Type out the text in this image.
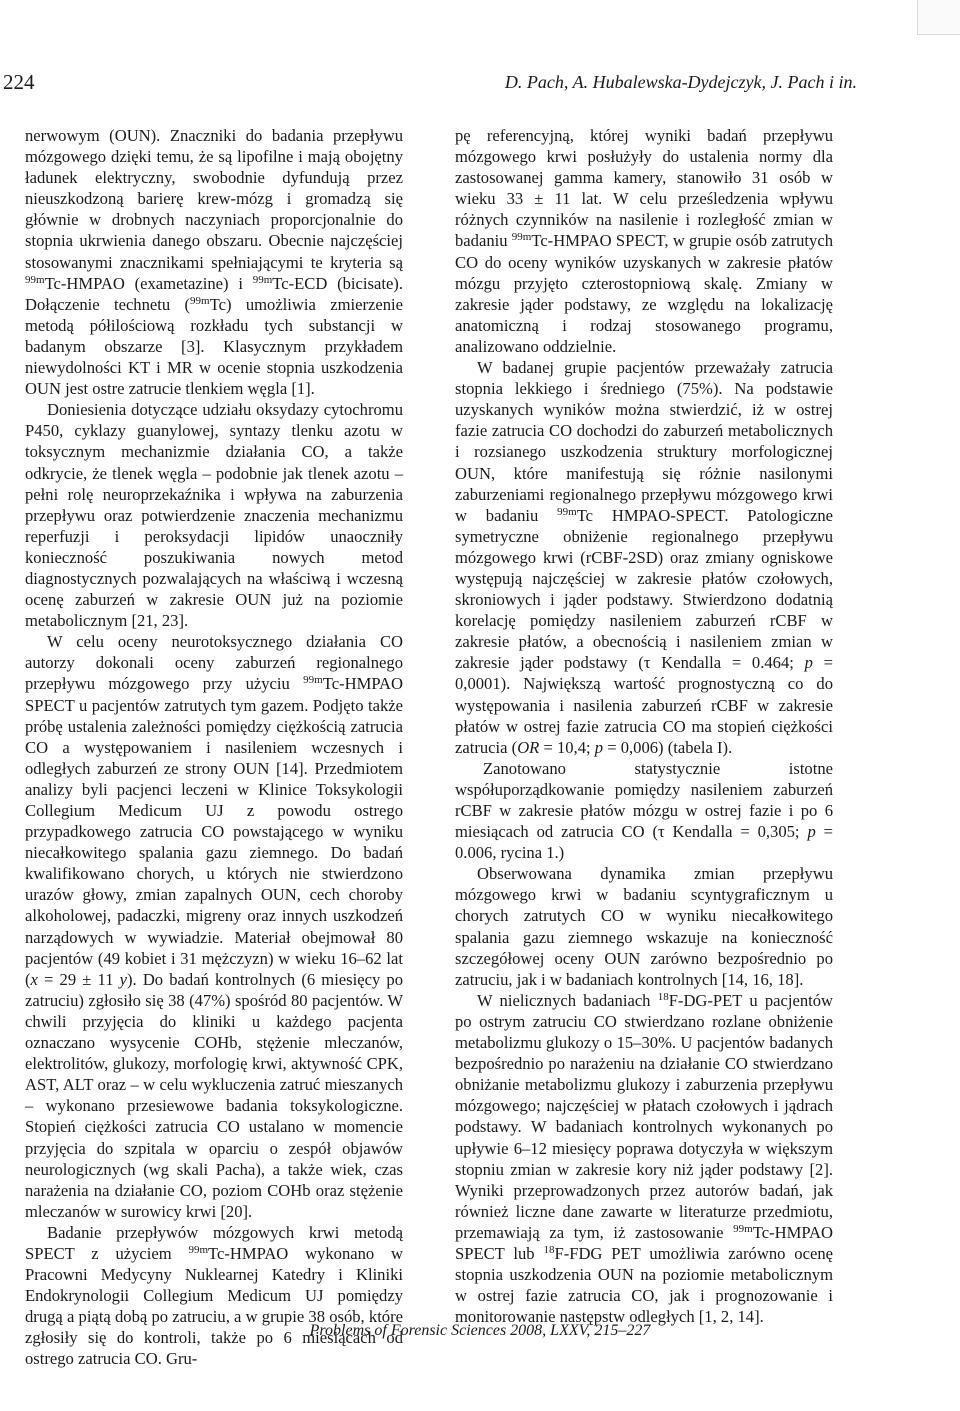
224	D. Pach, A. Hubalewska-Dydejczyk, J. Pach i in.

nerwowym (OUN). Znaczniki do badania przepływu mózgowego dzięki temu, że są lipofilne i mają obojętny ładunek elektryczny, swobodnie dyfundują przez nieuszkodzoną barierę krew-mózg i gromadzą się głównie w drobnych naczyniach proporcjonalnie do stopnia ukrwienia danego obszaru. Obecnie najczęściej stosowanymi znacznikami spełniającymi te kryteria są $^{99m}$Tc-HMPAO (exametazine) i $^{99m}$Tc-ECD (bicisate). Dołączenie technetu ($^{99m}$Tc) umożliwia zmierzenie metodą półilościową rozkładu tych substancji w badanym obszarze [3]. Klasycznym przykładem niewydolności KT i MR w ocenie stopnia uszkodzenia OUN jest ostre zatrucie tlenkiem węgla [1].

Doniesienia dotyczące udziału oksydazy cytochromu P450, cyklazy guanylowej, syntazy tlenku azotu w toksycznym mechanizmie działania CO, a także odkrycie, że tlenek węgla – podobnie jak tlenek azotu – pełni rolę neuroprzekaźnika i wpływa na zaburzenia przepływu oraz potwierdzenie znaczenia mechanizmu reperfuzji i peroksydacji lipidów unaoczniły konieczność poszukiwania nowych metod diagnostycznych pozwalających na właściwą i wczesną ocenę zaburzeń w zakresie OUN już na poziomie metabolicznym [21, 23].

W celu oceny neurotoksycznego działania CO autorzy dokonali oceny zaburzeń regionalnego przepływu mózgowego przy użyciu $^{99m}$Tc-HMPAO SPECT u pacjentów zatrutych tym gazem. Podjęto także próbę ustalenia zależności pomiędzy ciężkością zatrucia CO a występowaniem i nasileniem wczesnych i odległych zaburzeń ze strony OUN [14]. Przedmiotem analizy byli pacjenci leczeni w Klinice Toksykologii Collegium Medicum UJ z powodu ostrego przypadkowego zatrucia CO powstającego w wyniku niecałkowitego spalania gazu ziemnego. Do badań kwalifikowano chorych, u których nie stwierdzono urazów głowy, zmian zapalnych OUN, cech choroby alkoholowej, padaczki, migreny oraz innych uszkodzeń narządowych w wywiadzie. Materiał obejmował 80 pacjentów (49 kobiet i 31 mężczyzn) w wieku 16–62 lat (x = 29 ± 11 y). Do badań kontrolnych (6 miesięcy po zatruciu) zgłosiło się 38 (47%) spośród 80 pacjentów. W chwili przyjęcia do kliniki u każdego pacjenta oznaczano wysycenie COHb, stężenie mleczanów, elektrolitów, glukozy, morfologię krwi, aktywność CPK, AST, ALT oraz – w celu wykluczenia zatruć mieszanych – wykonano przesiewowe badania toksykologiczne. Stopień ciężkości zatrucia CO ustalano w momencie przyjęcia do szpitala w oparciu o zespół objawów neurologicznych (wg skali Pacha), a także wiek, czas narażenia na działanie CO, poziom COHb oraz stężenie mleczanów w surowicy krwi [20].

Badanie przepływów mózgowych krwi metodą SPECT z użyciem $^{99m}$Tc-HMPAO wykonano w Pracowni Medycyny Nuklearnej Katedry i Kliniki Endokrynologii Collegium Medicum UJ pomiędzy drugą a piątą dobą po zatruciu, a w grupie 38 osób, które zgłosiły się do kontroli, także po 6 miesiącach od ostrego zatrucia CO. Gru-

pę referencyjną, której wyniki badań przepływu mózgowego krwi posłużyły do ustalenia normy dla zastosowanej gamma kamery, stanowiło 31 osób w wieku 33 ± 11 lat. W celu prześledzenia wpływu różnych czynników na nasilenie i rozległość zmian w badaniu $^{99m}$Tc-HMPAO SPECT, w grupie osób zatrutych CO do oceny wyników uzyskanych w zakresie płatów mózgu przyjęto czterostopniową skalę. Zmiany w zakresie jąder podstawy, ze względu na lokalizację anatomiczną i rodzaj stosowanego programu, analizowano oddzielnie.

W badanej grupie pacjentów przeważały zatrucia stopnia lekkiego i średniego (75%). Na podstawie uzyskanych wyników można stwierdzić, iż w ostrej fazie zatrucia CO dochodzi do zaburzeń metabolicznych i rozsianego uszkodzenia struktury morfologicznej OUN, które manifestują się różnie nasilonymi zaburzeniami regionalnego przepływu mózgowego krwi w badaniu $^{99m}$Tc HMPAO-SPECT. Patologiczne symetryczne obniżenie regionalnego przepływu mózgowego krwi (rCBF-2SD) oraz zmiany ogniskowe występują najczęściej w zakresie płatów czołowych, skroniowych i jąder podstawy. Stwierdzono dodatnią korelację pomiędzy nasileniem zaburzeń rCBF w zakresie płatów, a obecnością i nasileniem zmian w zakresie jąder podstawy (τ Kendalla = 0.464; p = 0,0001). Największą wartość prognostyczną co do występowania i nasilenia zaburzeń rCBF w zakresie płatów w ostrej fazie zatrucia CO ma stopień ciężkości zatrucia (OR = 10,4; p = 0,006) (tabela I).

Zanotowano statystycznie istotne współuporządkowanie pomiędzy nasileniem zaburzeń rCBF w zakresie płatów mózgu w ostrej fazie i po 6 miesiącach od zatrucia CO (τ Kendalla = 0,305; p = 0.006, rycina 1.)

Obserwowana dynamika zmian przepływu mózgowego krwi w badaniu scyntygraficznym u chorych zatrutych CO w wyniku niecałkowitego spalania gazu ziemnego wskazuje na konieczność szczegółowej oceny OUN zarówno bezpośrednio po zatruciu, jak i w badaniach kontrolnych [14, 16, 18].

W nielicznych badaniach $^{18}$F-DG-PET u pacjentów po ostrym zatruciu CO stwierdzano rozlane obniżenie metabolizmu glukozy o 15–30%. U pacjentów badanych bezpośrednio po narażeniu na działanie CO stwierdzano obniżanie metabolizmu glukozy i zaburzenia przepływu mózgowego; najczęściej w płatach czołowych i jądrach podstawy. W badaniach kontrolnych wykonanych po upływie 6–12 miesięcy poprawa dotyczyła w większym stopniu zmian w zakresie kory niż jąder podstawy [2]. Wyniki przeprowadzonych przez autorów badań, jak również liczne dane zawarte w literaturze przedmiotu, przemawiają za tym, iż zastosowanie $^{99m}$Tc-HMPAO SPECT lub $^{18}$F-FDG PET umożliwia zarówno ocenę stopnia uszkodzenia OUN na poziomie metabolicznym w ostrej fazie zatrucia CO, jak i prognozowanie i monitorowanie następstw odległych [1, 2, 14].

Problems of Forensic Sciences 2008, LXXV, 215–227
